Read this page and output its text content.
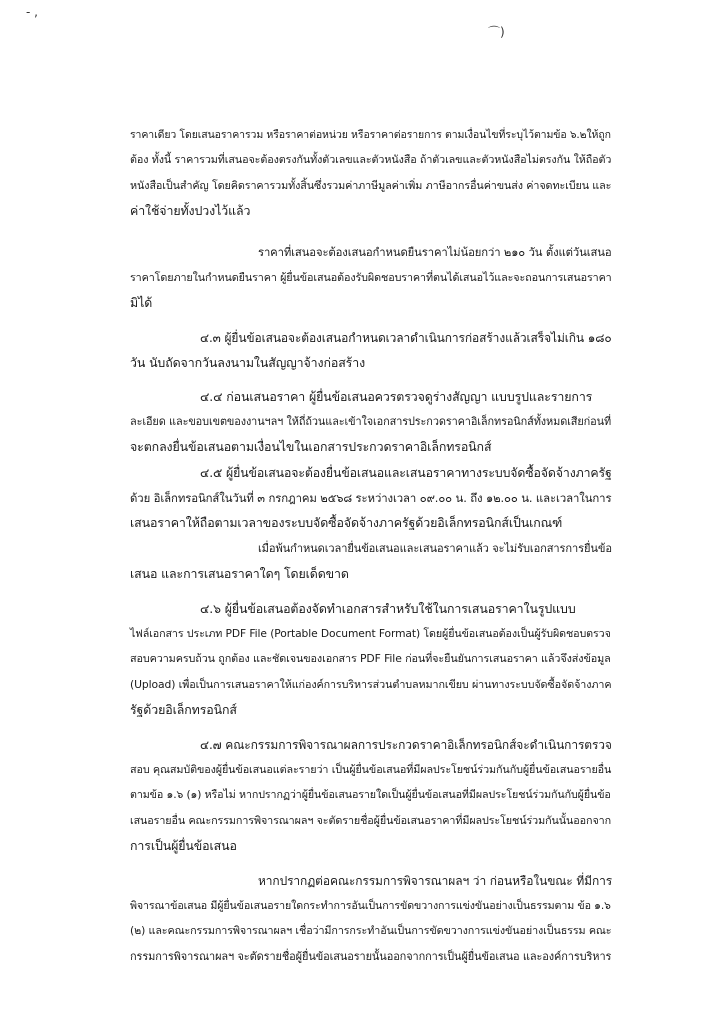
- ,
⌒)
ราคาเดียว โดยเสนอราคารวม หรือราคาต่อหน่วย หรือราคาต่อรายการ ตามเงื่อนไขที่ระบุไว้ตามข้อ ๖.๒ให้ถูก
ต้อง ทั้งนี้ ราคารวมที่เสนอจะต้องตรงกันทั้งตัวเลขและตัวหนังสือ ถ้าตัวเลขและตัวหนังสือไม่ตรงกัน ให้ถือตัว
หนังสือเป็นสำคัญ โดยคิดราคารวมทั้งสิ้นซึ่งรวมค่าภาษีมูลค่าเพิ่ม ภาษีอากรอื่นค่าขนส่ง ค่าจดทะเบียน และ
ค่าใช้จ่ายทั้งปวงไว้แล้ว
ราคาที่เสนอจะต้องเสนอกำหนดยืนราคาไม่น้อยกว่า ๒๑๐ วัน ตั้งแต่วันเสนอ
ราคาโดยภายในกำหนดยืนราคา ผู้ยื่นข้อเสนอต้องรับผิดชอบราคาที่ตนได้เสนอไว้และจะถอนการเสนอราคา
มิได้
๔.๓ ผู้ยื่นข้อเสนอจะต้องเสนอกำหนดเวลาดำเนินการก่อสร้างแล้วเสร็จไม่เกิน ๑๘๐
วัน นับถัดจากวันลงนามในสัญญาจ้างก่อสร้าง
๔.๔ ก่อนเสนอราคา ผู้ยื่นข้อเสนอควรตรวจดูร่างสัญญา แบบรูปและรายการ
ละเอียด และขอบเขตของงานฯลฯ ให้ถี่ถ้วนและเข้าใจเอกสารประกวดราคาอิเล็กทรอนิกส์ทั้งหมดเสียก่อนที่
จะตกลงยื่นข้อเสนอตามเงื่อนไขในเอกสารประกวดราคาอิเล็กทรอนิกส์
๔.๕ ผู้ยื่นข้อเสนอจะต้องยื่นข้อเสนอและเสนอราคาทางระบบจัดซื้อจัดจ้างภาครัฐ
ด้วย อิเล็กทรอนิกส์ในวันที่ ๓ กรกฎาคม ๒๕๖๘ ระหว่างเวลา ๐๙.๐๐ น. ถึง ๑๒.๐๐ น. และเวลาในการ
เสนอราคาให้ถือตามเวลาของระบบจัดซื้อจัดจ้างภาครัฐด้วยอิเล็กทรอนิกส์เป็นเกณฑ์
เมื่อพ้นกำหนดเวลายื่นข้อเสนอและเสนอราคาแล้ว จะไม่รับเอกสารการยื่นข้อ
เสนอ และการเสนอราคาใดๆ โดยเด็ดขาด
๔.๖ ผู้ยื่นข้อเสนอต้องจัดทำเอกสารสำหรับใช้ในการเสนอราคาในรูปแบบ
ไฟล์เอกสาร ประเภท PDF File (Portable Document Format) โดยผู้ยื่นข้อเสนอต้องเป็นผู้รับผิดชอบตรวจ
สอบความครบถ้วน ถูกต้อง และชัดเจนของเอกสาร PDF File ก่อนที่จะยืนยันการเสนอราคา แล้วจึงส่งข้อมูล
(Upload) เพื่อเป็นการเสนอราคาให้แก่องค์การบริหารส่วนตำบลหมากเขียบ ผ่านทางระบบจัดซื้อจัดจ้างภาค
รัฐด้วยอิเล็กทรอนิกส์
๔.๗ คณะกรรมการพิจารณาผลการประกวดราคาอิเล็กทรอนิกส์จะดำเนินการตรวจ
สอบ คุณสมบัติของผู้ยื่นข้อเสนอแต่ละรายว่า เป็นผู้ยื่นข้อเสนอที่มีผลประโยชน์ร่วมกันกับผู้ยื่นข้อเสนอรายอื่น
ตามข้อ ๑.๖ (๑) หรือไม่ หากปรากฏว่าผู้ยื่นข้อเสนอรายใดเป็นผู้ยื่นข้อเสนอที่มีผลประโยชน์ร่วมกันกับผู้ยื่นข้อ
เสนอรายอื่น คณะกรรมการพิจารณาผลฯ จะตัดรายชื่อผู้ยื่นข้อเสนอราคาที่มีผลประโยชน์ร่วมกันนั้นออกจาก
การเป็นผู้ยื่นข้อเสนอ
หากปรากฏต่อคณะกรรมการพิจารณาผลฯ ว่า ก่อนหรือในขณะ ที่มีการ
พิจารณาข้อเสนอ มีผู้ยื่นข้อเสนอรายใดกระทำการอันเป็นการขัดขวางการแข่งขันอย่างเป็นธรรมตาม ข้อ ๑.๖
(๒) และคณะกรรมการพิจารณาผลฯ เชื่อว่ามีการกระทำอันเป็นการขัดขวางการแข่งขันอย่างเป็นธรรม คณะ
กรรมการพิจารณาผลฯ จะตัดรายชื่อผู้ยื่นข้อเสนอรายนั้นออกจากการเป็นผู้ยื่นข้อเสนอ และองค์การบริหาร
